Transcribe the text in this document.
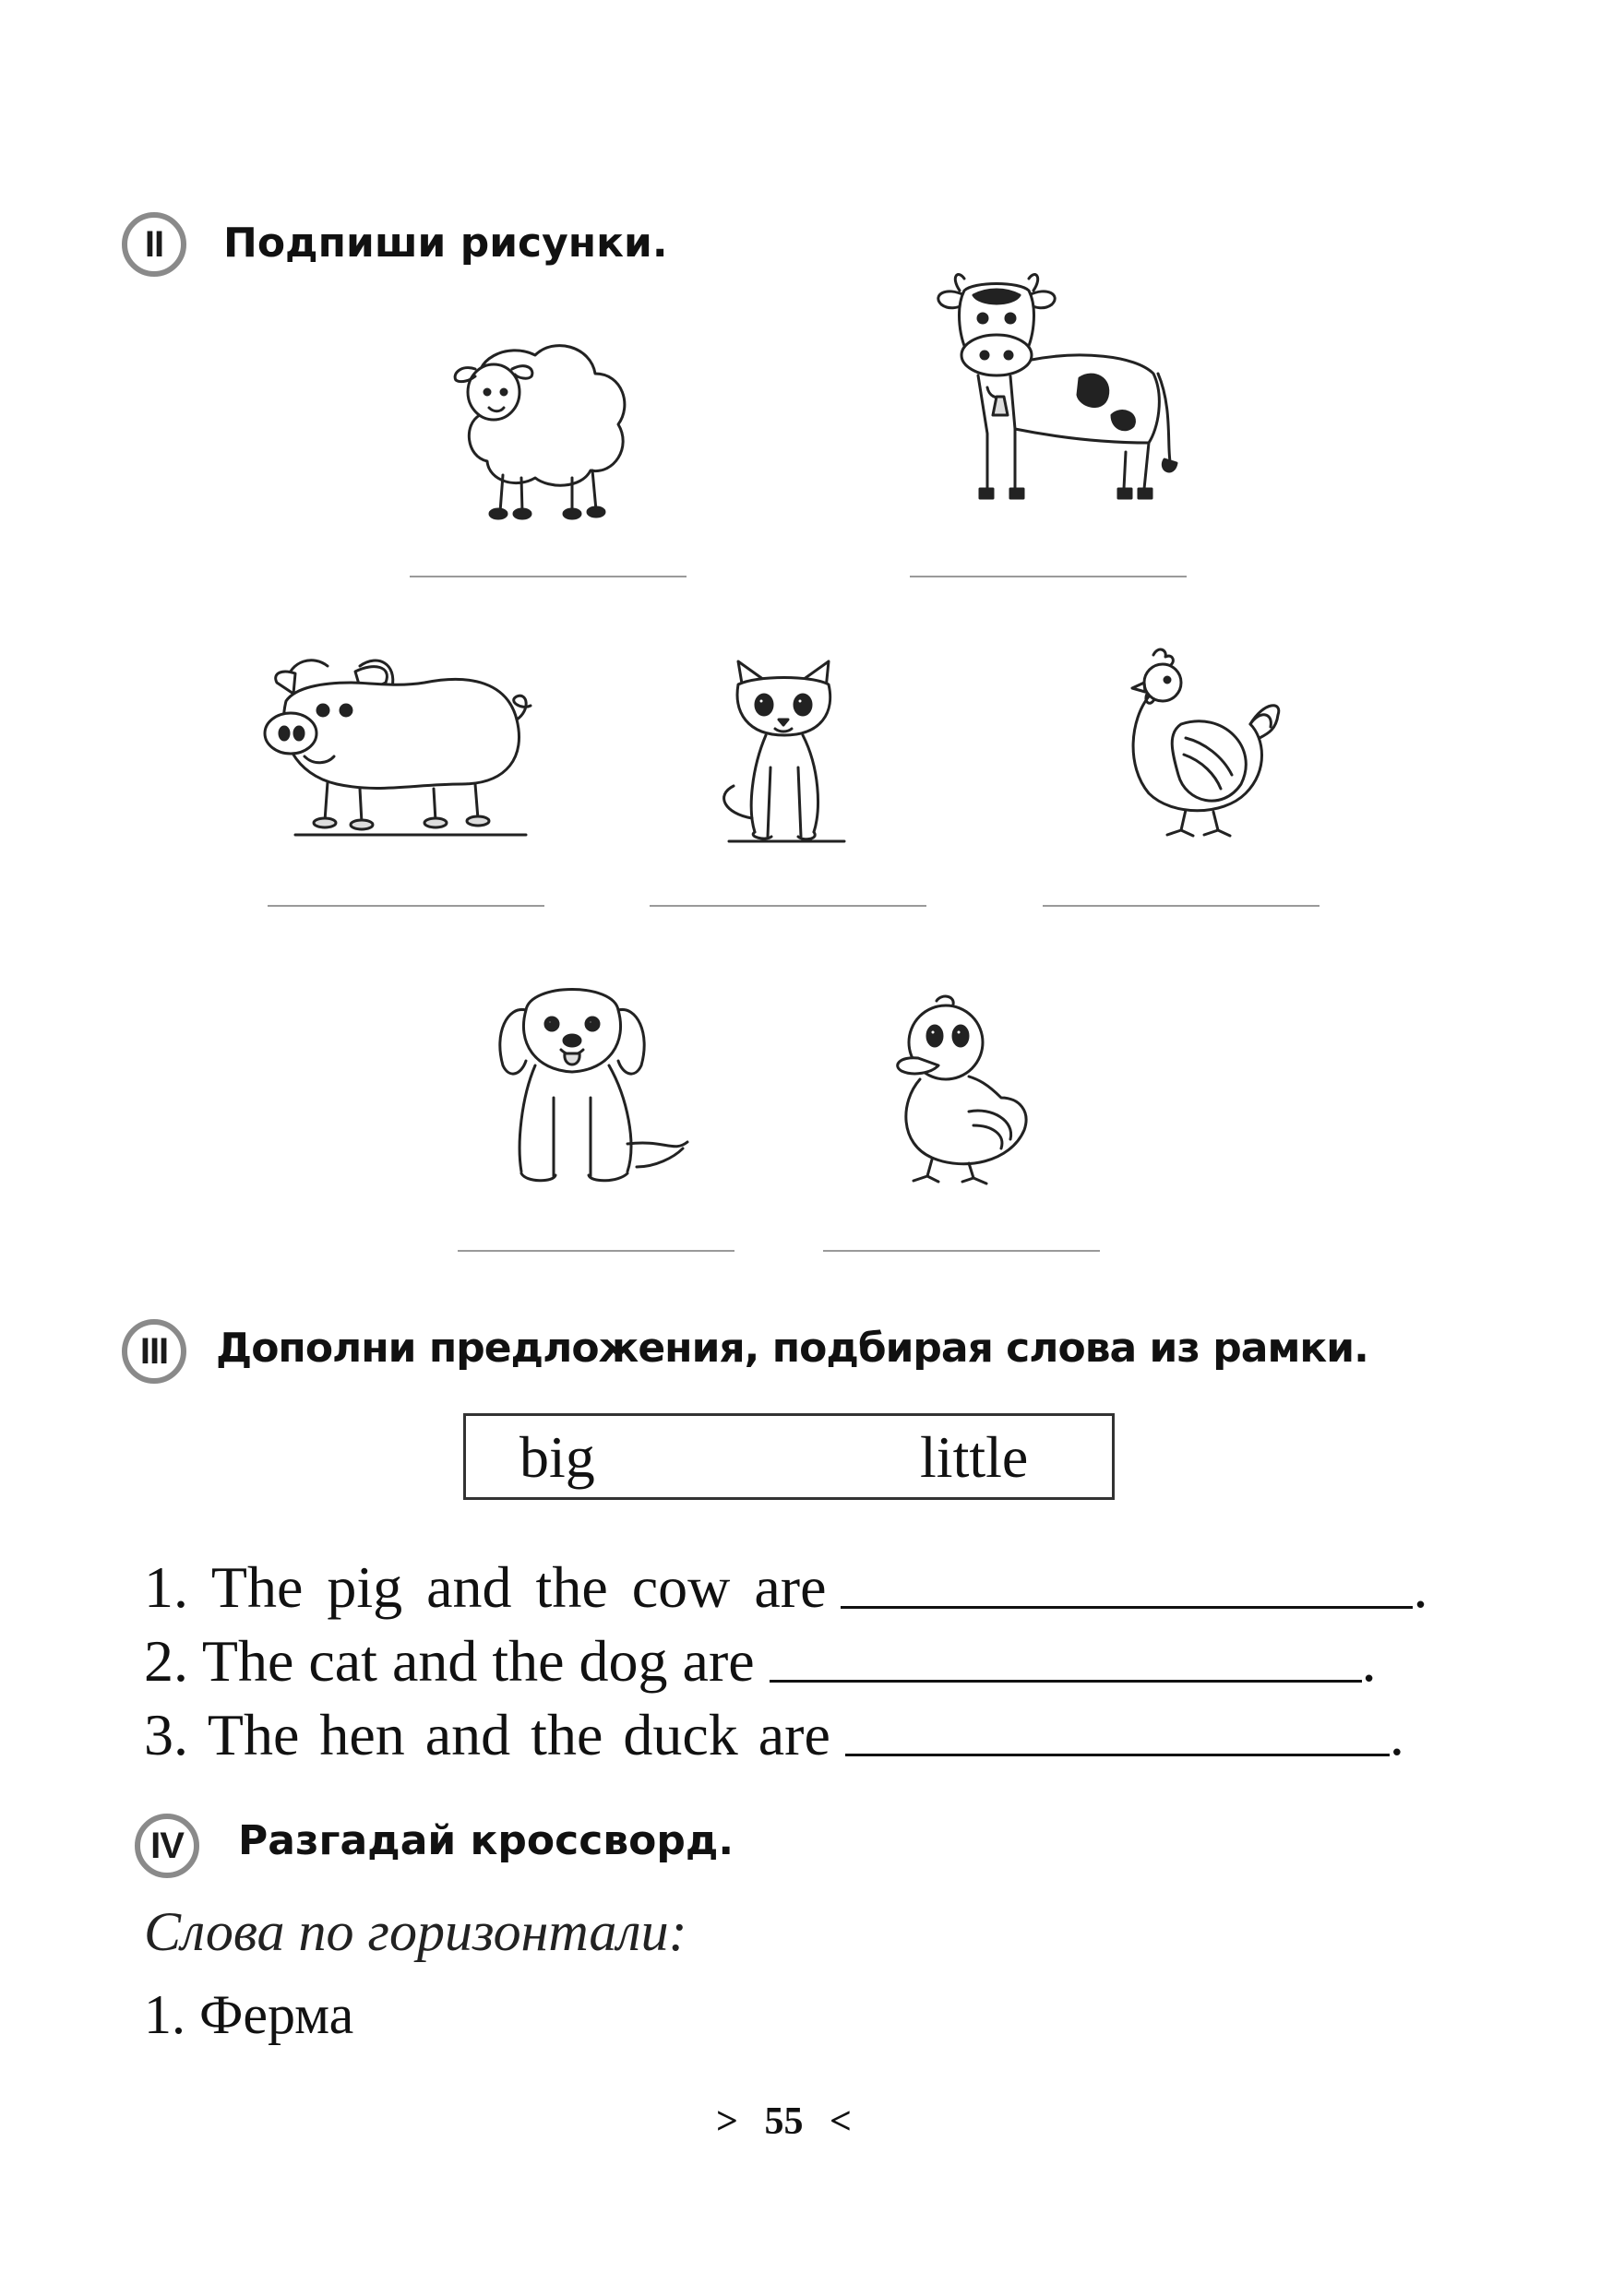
II	Подпиши рисунки.
III	Дополни предложения, подбирая слова из рамки.
big	little
1. The pig and the cow are	.
2. The cat and the dog are	.
3. The hen and the duck are	.
IV	Разгадай кроссворд.
Слова по горизонтали:
1. Ферма
> 55 <
